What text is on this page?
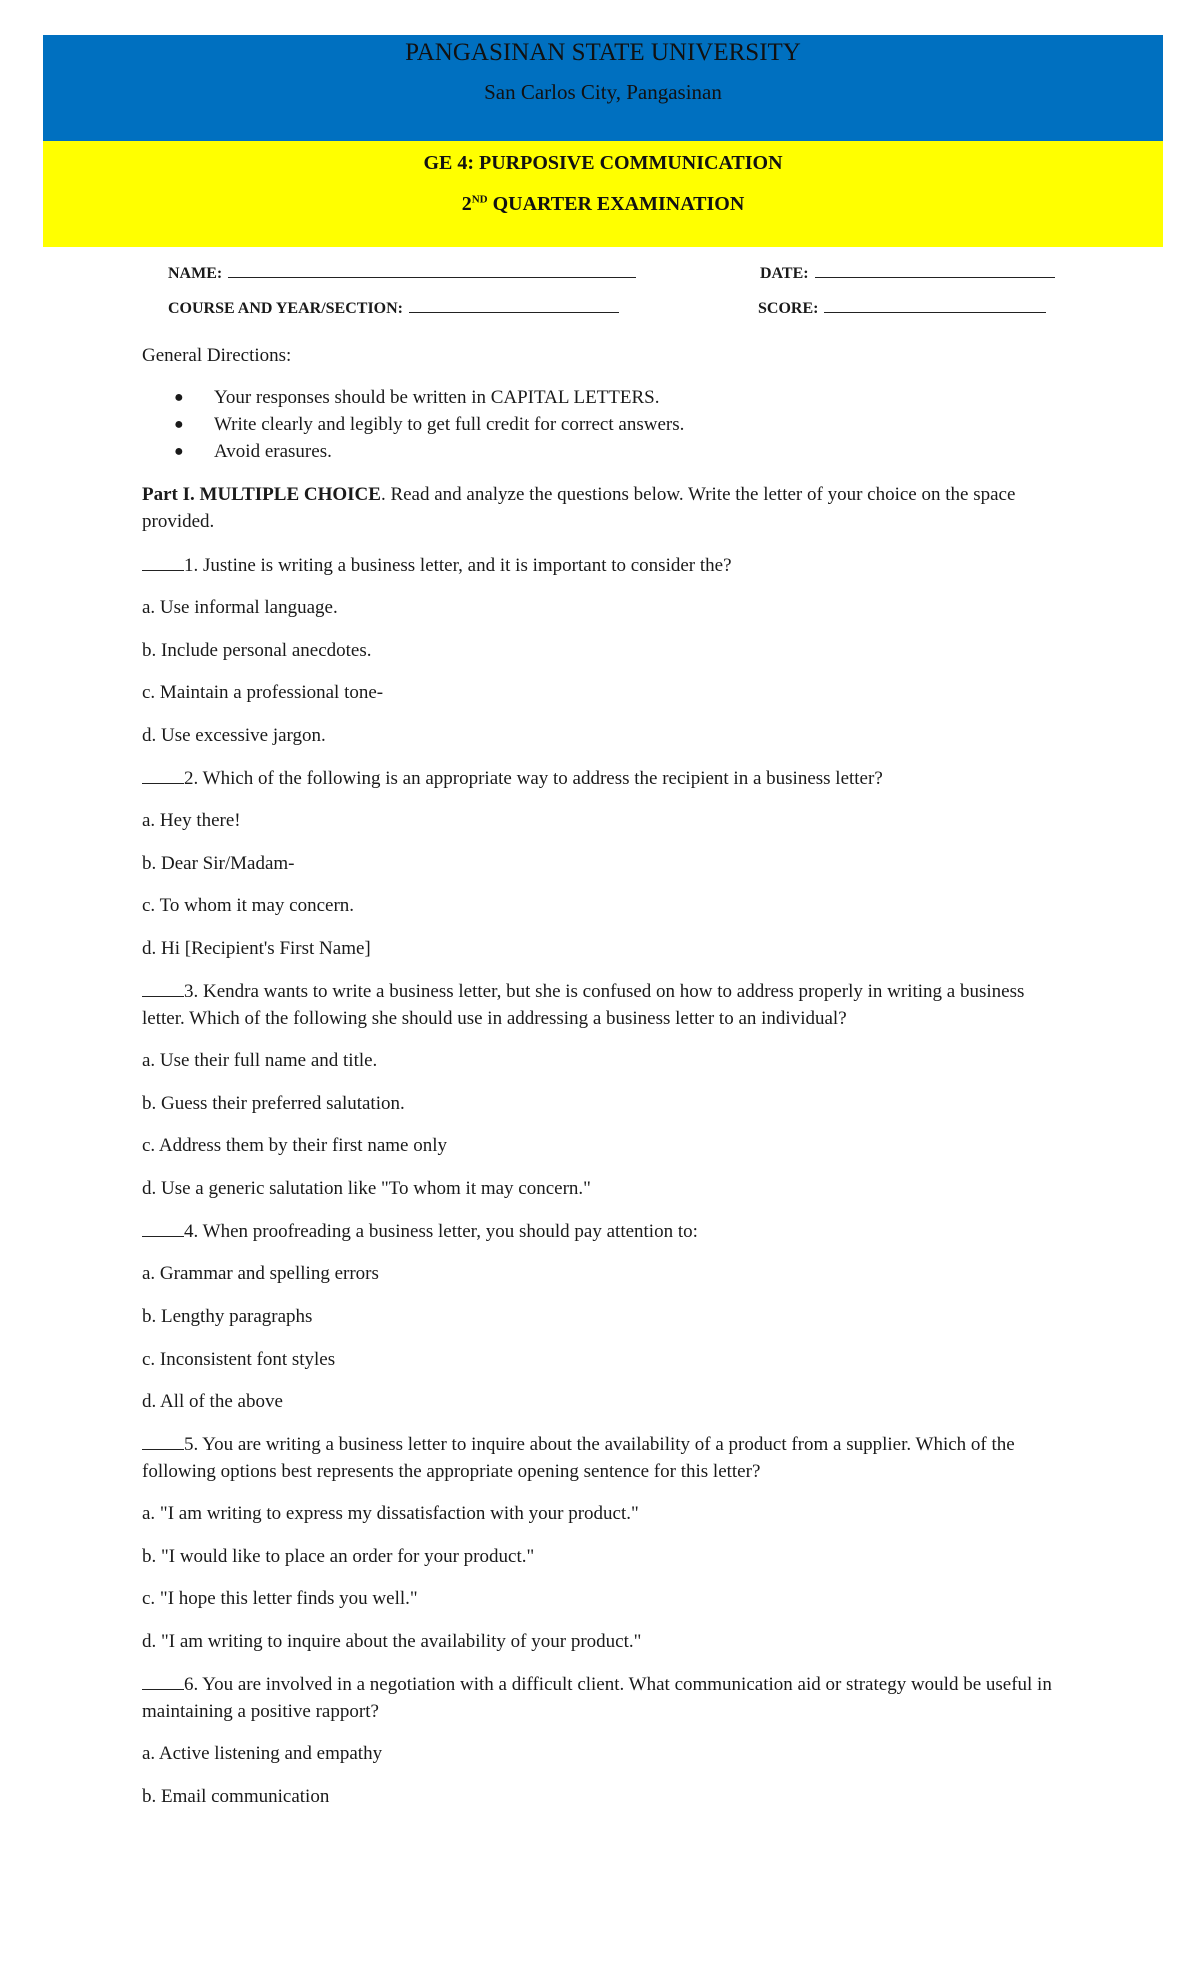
PANGASINAN STATE UNIVERSITY
San Carlos City, Pangasinan
GE 4: PURPOSIVE COMMUNICATION
2ND QUARTER EXAMINATION
NAME:	DATE:
COURSE AND YEAR/SECTION:	SCORE:
General Directions:
● Your responses should be written in CAPITAL LETTERS.
● Write clearly and legibly to get full credit for correct answers.
● Avoid erasures.
Part I. MULTIPLE CHOICE. Read and analyze the questions below. Write the letter of your choice on the space provided.
1. Justine is writing a business letter, and it is important to consider the?
a. Use informal language.
b. Include personal anecdotes.
c. Maintain a professional tone-
d. Use excessive jargon.
2. Which of the following is an appropriate way to address the recipient in a business letter?
a. Hey there!
b. Dear Sir/Madam-
c. To whom it may concern.
d. Hi [Recipient's First Name]
3. Kendra wants to write a business letter, but she is confused on how to address properly in writing a business letter. Which of the following she should use in addressing a business letter to an individual?
a. Use their full name and title.
b. Guess their preferred salutation.
c. Address them by their first name only
d. Use a generic salutation like "To whom it may concern."
4. When proofreading a business letter, you should pay attention to:
a. Grammar and spelling errors
b. Lengthy paragraphs
c. Inconsistent font styles
d. All of the above
5. You are writing a business letter to inquire about the availability of a product from a supplier. Which of the following options best represents the appropriate opening sentence for this letter?
a. "I am writing to express my dissatisfaction with your product."
b. "I would like to place an order for your product."
c. "I hope this letter finds you well."
d. "I am writing to inquire about the availability of your product."
6. You are involved in a negotiation with a difficult client. What communication aid or strategy would be useful in maintaining a positive rapport?
a. Active listening and empathy
b. Email communication
